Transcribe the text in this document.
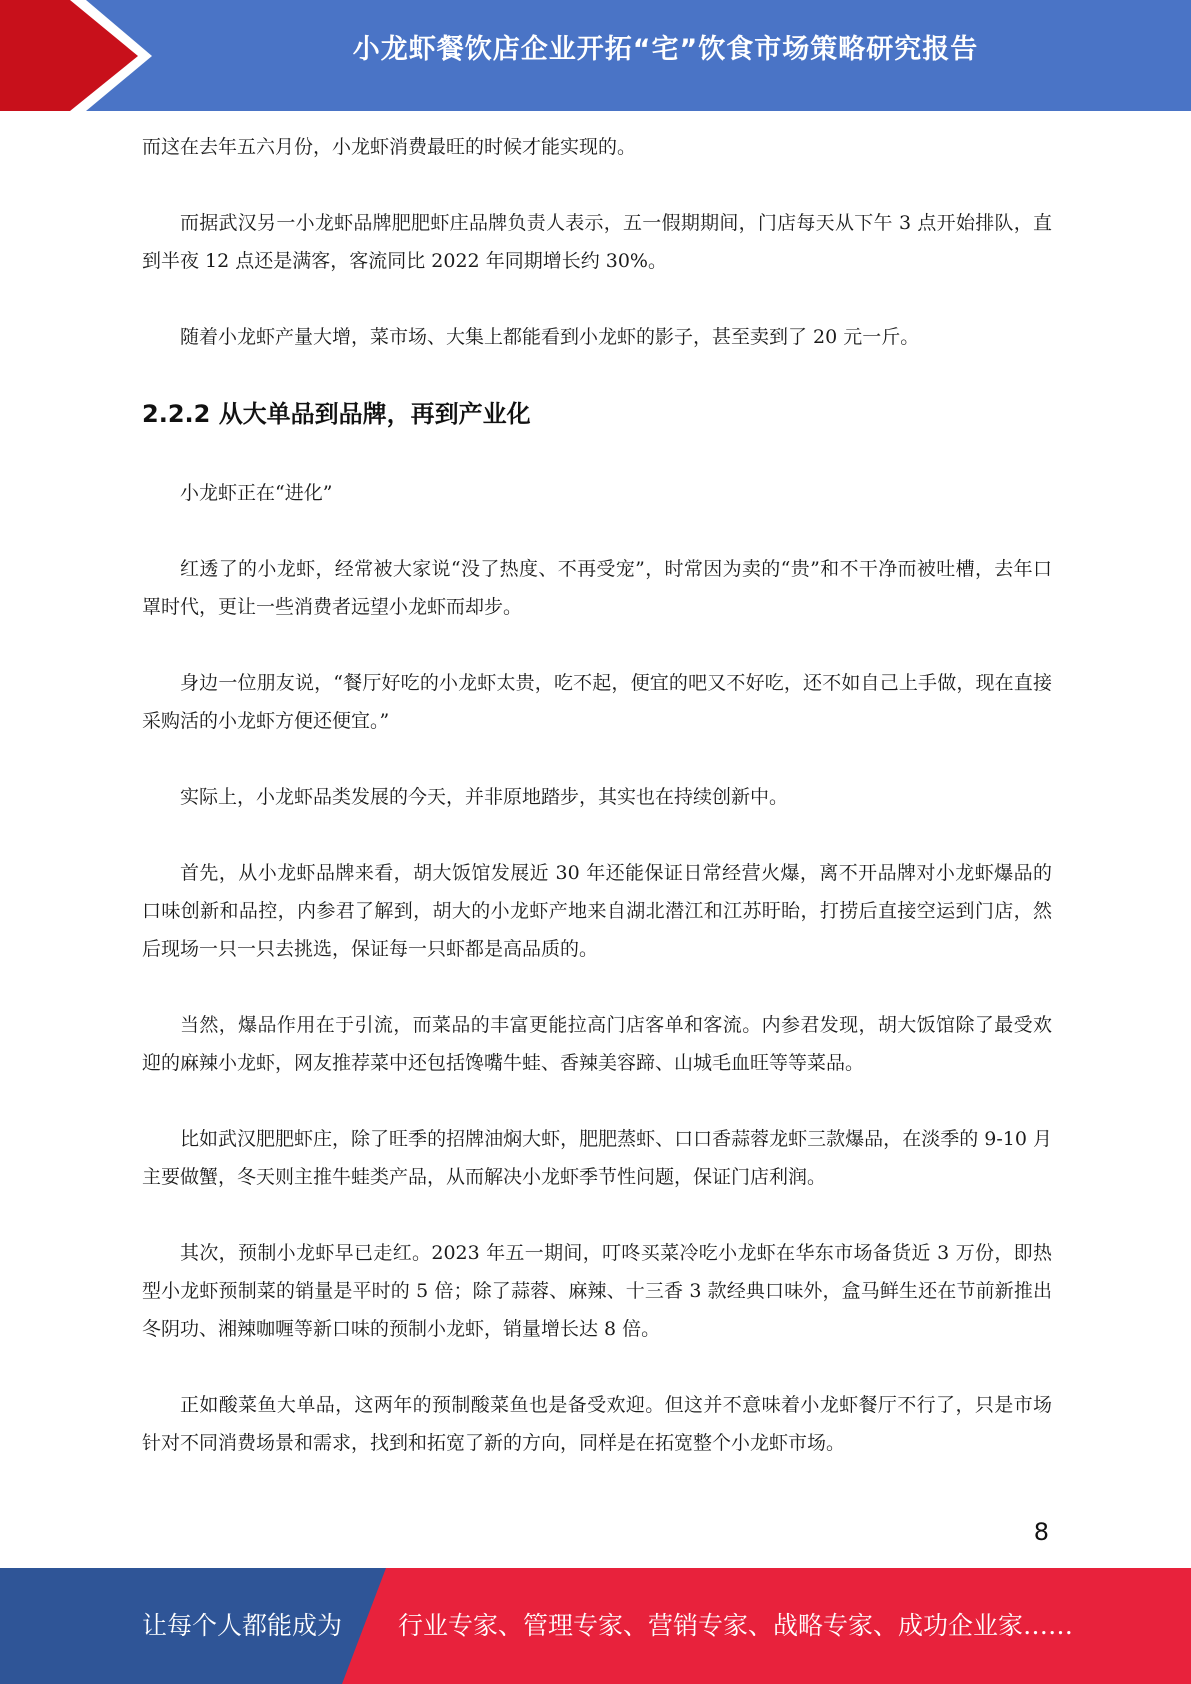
小龙虾餐饮店企业开拓“宅”饮食市场策略研究报告

而这在去年五六月份，小龙虾消费最旺的时候才能实现的。

而据武汉另一小龙虾品牌肥肥虾庄品牌负责人表示，五一假期期间，门店每天从下午 3 点开始排队，直到半夜 12 点还是满客，客流同比 2022 年同期增长约 30%。

随着小龙虾产量大增，菜市场、大集上都能看到小龙虾的影子，甚至卖到了 20 元一斤。

2.2.2 从大单品到品牌，再到产业化

小龙虾正在“进化”

红透了的小龙虾，经常被大家说“没了热度、不再受宠”，时常因为卖的“贵”和不干净而被吐槽，去年口罩时代，更让一些消费者远望小龙虾而却步。

身边一位朋友说，“餐厅好吃的小龙虾太贵，吃不起，便宜的吧又不好吃，还不如自己上手做，现在直接采购活的小龙虾方便还便宜。”

实际上，小龙虾品类发展的今天，并非原地踏步，其实也在持续创新中。

首先，从小龙虾品牌来看，胡大饭馆发展近 30 年还能保证日常经营火爆，离不开品牌对小龙虾爆品的口味创新和品控，内参君了解到，胡大的小龙虾产地来自湖北潜江和江苏盱眙，打捞后直接空运到门店，然后现场一只一只去挑选，保证每一只虾都是高品质的。

当然，爆品作用在于引流，而菜品的丰富更能拉高门店客单和客流。内参君发现，胡大饭馆除了最受欢迎的麻辣小龙虾，网友推荐菜中还包括馋嘴牛蛙、香辣美容蹄、山城毛血旺等等菜品。

比如武汉肥肥虾庄，除了旺季的招牌油焖大虾，肥肥蒸虾、口口香蒜蓉龙虾三款爆品，在淡季的 9-10 月主要做蟹，冬天则主推牛蛙类产品，从而解决小龙虾季节性问题，保证门店利润。

其次，预制小龙虾早已走红。2023 年五一期间，叮咚买菜冷吃小龙虾在华东市场备货近 3 万份，即热型小龙虾预制菜的销量是平时的 5 倍；除了蒜蓉、麻辣、十三香 3 款经典口味外，盒马鲜生还在节前新推出冬阴功、湘辣咖喱等新口味的预制小龙虾，销量增长达 8 倍。

正如酸菜鱼大单品，这两年的预制酸菜鱼也是备受欢迎。但这并不意味着小龙虾餐厅不行了，只是市场针对不同消费场景和需求，找到和拓宽了新的方向，同样是在拓宽整个小龙虾市场。

8
让每个人都能成为 行业专家、管理专家、营销专家、战略专家、成功企业家……
